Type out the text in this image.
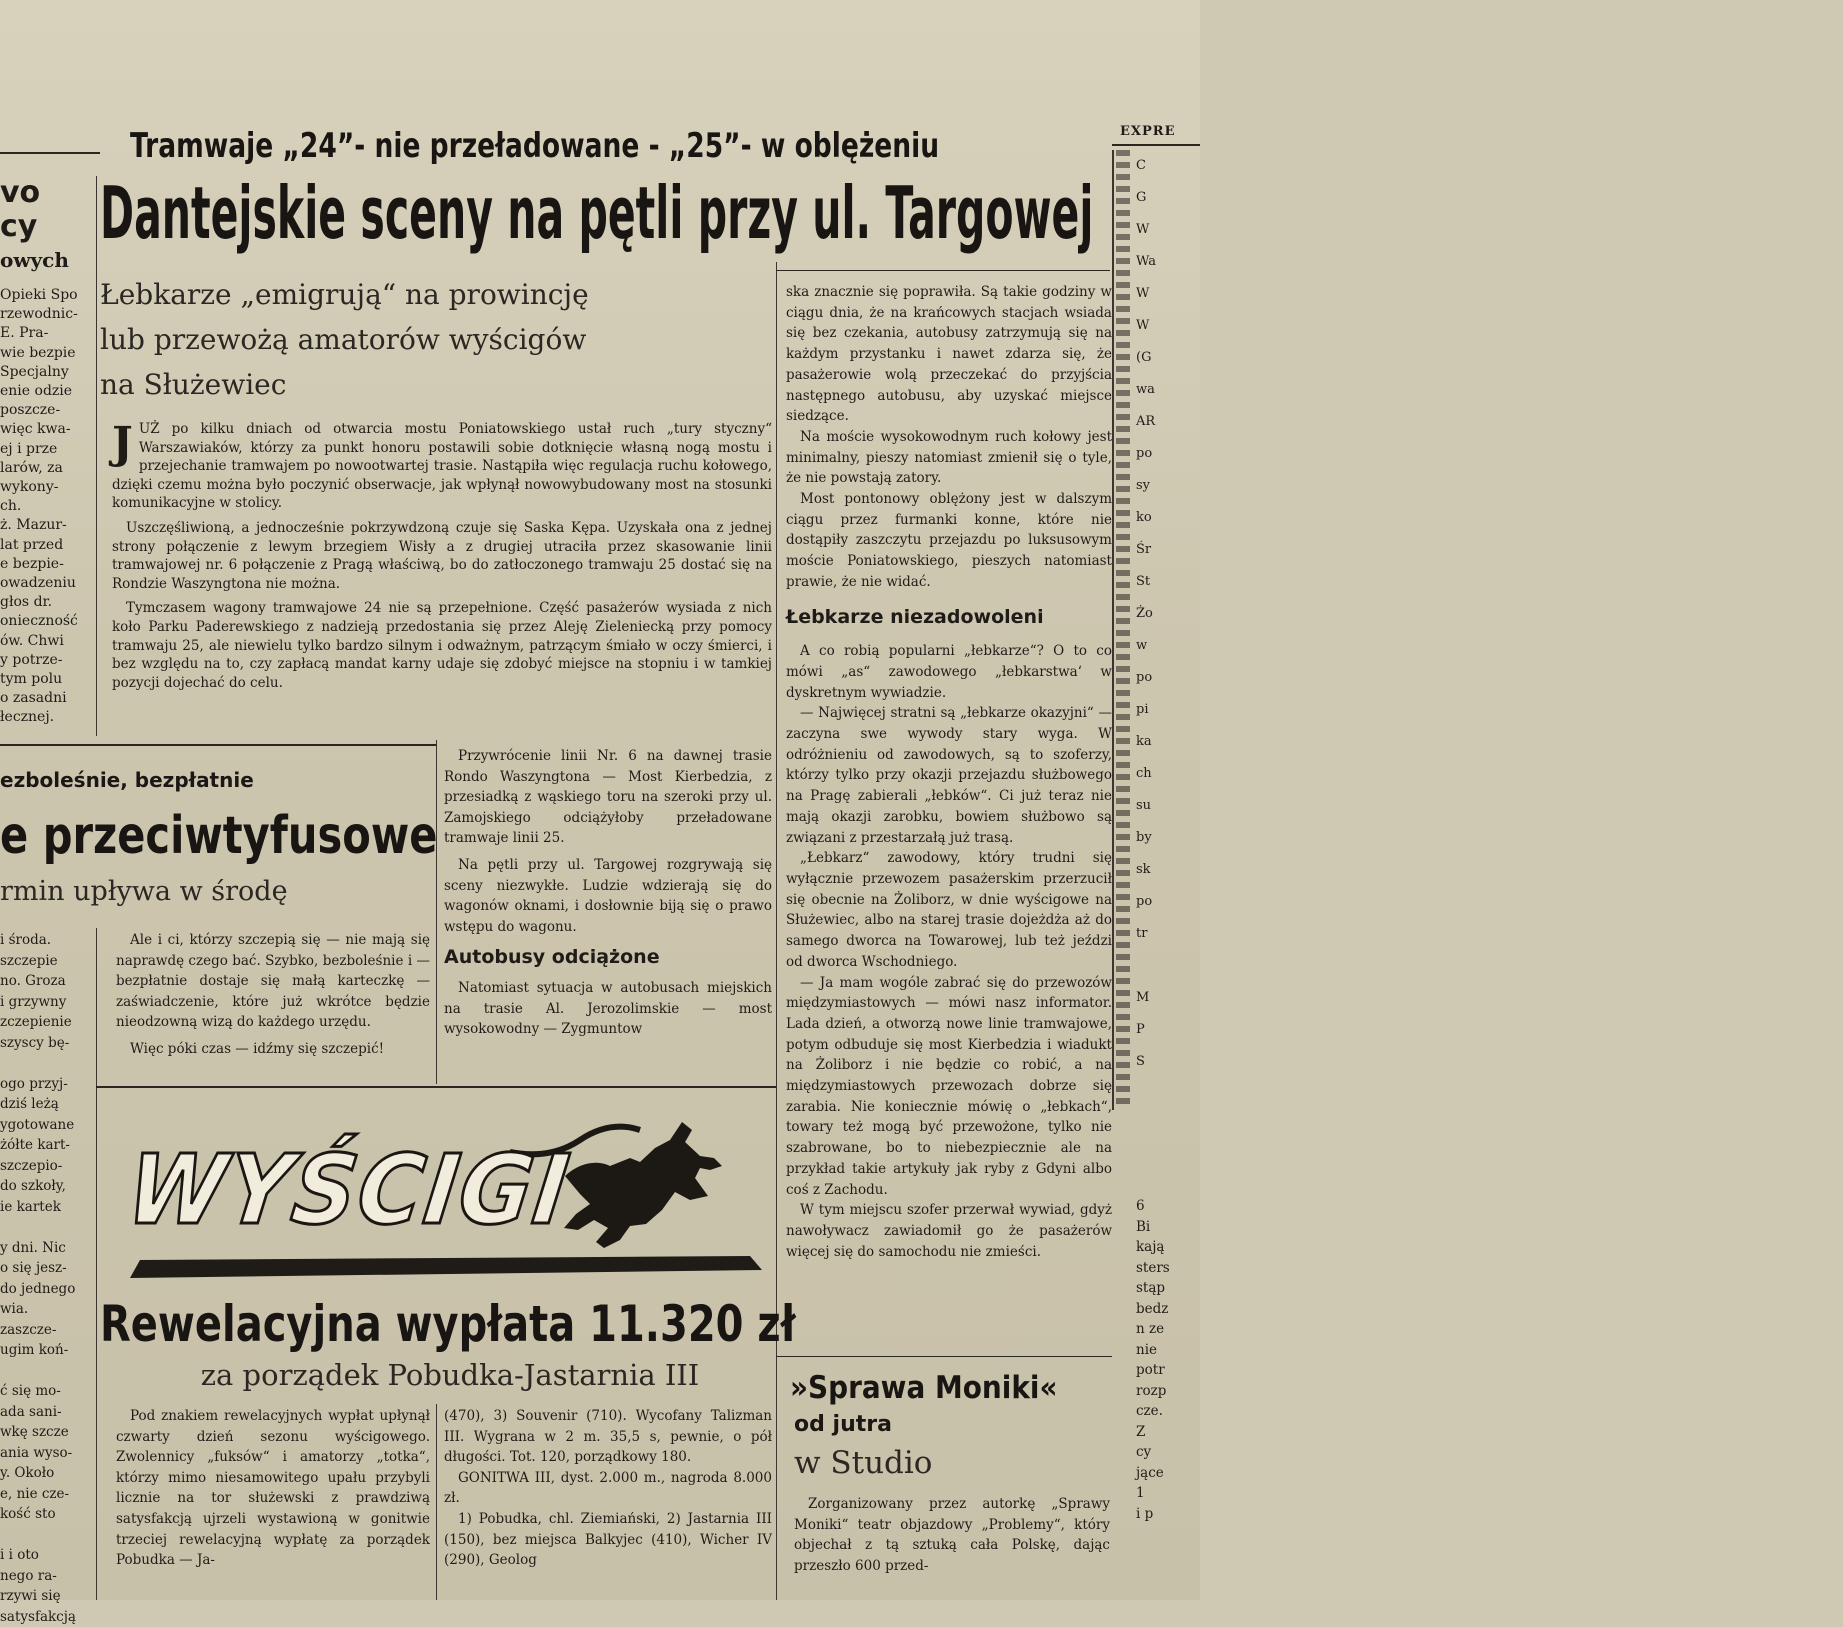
EXPRE
Tramwaje „24”- nie przeładowane - „25”- w oblężeniu
Dantejskie sceny na pętli przy ul. Targowej
vo
cy
owych
Opieki Spo
rzewodnic-
E. Pra-
wie bezpie
Specjalny
enie odzie
poszcze-
więc kwa-
ej i prze
larów, za
wykony-
ch.
ż. Mazur-
lat przed
e bezpie-
owadzeniu
głos dr.
onieczność
ów. Chwi
y potrze-
tym polu
o zasadni
łecznej.
Łebkarze „emigrują“ na prowincję
lub przewożą amatorów wyścigów
na Służewiec

JUŻ po kilku dniach od otwarcia mostu Poniatowskiego ustał ruch „tury styczny“ Warszawiaków, którzy za punkt honoru postawili sobie dotknięcie własną nogą mostu i przejechanie tramwajem po nowootwartej trasie. Nastąpiła więc regulacja ruchu kołowego, dzięki czemu można było poczynić obserwacje, jak wpłynął nowowybudowany most na stosunki komunikacyjne w stolicy.

Uszczęśliwioną, a jednocześnie pokrzywdzoną czuje się Saska Kępa. Uzyskała ona z jednej strony połączenie z lewym brzegiem Wisły a z drugiej utraciła przez skasowanie linii tramwajowej nr. 6 połączenie z Pragą właściwą, bo do zatłoczonego tramwaju 25 dostać się na Rondzie Waszyngtona nie można.

Tymczasem wagony tramwajowe 24 nie są przepełnione. Część pasażerów wysiada z nich koło Parku Paderewskiego z nadzieją przedostania się przez Aleję Zieleniecką przy pomocy tramwaju 25, ale niewielu tylko bardzo silnym i odważnym, patrzącym śmiało w oczy śmierci, i bez względu na to, czy zapłacą mandat karny udaje się zdobyć miejsce na stopniu i w tamkiej pozycji dojechać do celu.

ska znacznie się poprawiła. Są takie godziny w ciągu dnia, że na krańcowych stacjach wsiada się bez czekania, autobusy zatrzymują się na każdym przystanku i nawet zdarza się, że pasażerowie wolą przeczekać do przyjścia następnego autobusu, aby uzyskać miejsce siedzące.

Na moście wysokowodnym ruch kołowy jest minimalny, pieszy natomiast zmienił się o tyle, że nie powstają zatory.

Most pontonowy oblężony jest w dalszym ciągu przez furmanki konne, które nie dostąpiły zaszczytu przejazdu po luksusowym moście Poniatowskiego, pieszych natomiast prawie, że nie widać.

Łebkarze niezadowoleni

A co robią popularni „łebkarze“? O to co mówi „as“ zawodowego „łebkarstwa‘ w dyskretnym wywiadzie.

— Najwięcej stratni są „łebkarze okazyjni“ — zaczyna swe wywody stary wyga. W odróżnieniu od zawodowych, są to szoferzy, którzy tylko przy okazji przejazdu służbowego na Pragę zabierali „łebków“. Ci już teraz nie mają okazji zarobku, bowiem służbowo są związani z przestarzałą już trasą.

„Łebkarz“ zawodowy, który trudni się wyłącznie przewozem pasażerskim przerzucił się obecnie na Żoliborz, w dnie wyścigowe na Służewiec, albo na starej trasie dojeżdża aż do samego dworca na Towarowej, lub też jeździ od dworca Wschodniego.

— Ja mam wogóle zabrać się do przewozów międzymiastowych — mówi nasz informator. Lada dzień, a otworzą nowe linie tramwajowe, potym odbuduje się most Kierbedzia i wiadukt na Żoliborz i nie będzie co robić, a na międzymiastowych przewozach dobrze się zarabia. Nie koniecznie mówię o „łebkach“, towary też mogą być przewożone, tylko nie szabrowane, bo to niebezpiecznie ale na przykład takie artykuły jak ryby z Gdyni albo coś z Zachodu.

W tym miejscu szofer przerwał wywiad, gdyż nawoływacz zawiadomił go że pasażerów więcej się do samochodu nie zmieści.

Przywrócenie linii Nr. 6 na dawnej trasie Rondo Waszyngtona — Most Kierbedzia, z przesiadką z wąskiego toru na szeroki przy ul. Zamojskiego odciążyłoby przeładowane tramwaje linii 25.

Na pętli przy ul. Targowej rozgrywają się sceny niezwykłe. Ludzie wdzierają się do wagonów oknami, i dosłownie biją się o prawo wstępu do wagonu.

Autobusy odciążone

Natomiast sytuacja w autobusach miejskich na trasie Al. Jerozolimskie — most wysokowodny — Zygmuntow

ezboleśnie, bezpłatnie
e przeciwtyfusowe
rmin upływa w środę
i środa.
szczepie
no. Groza
i grzywny
zczepienie
szyscy bę-

ogo przyj-
dziś leżą
ygotowane
żółte kart-
szczepio-
do szkoły,
ie kartek

y dni. Nic
o się jesz-
do jednego
wia.
zaszcze-
ugim koń-

ć się mo-
ada sani-
wkę szcze
ania wyso-
y. Około
e, nie cze-
kość sto

i i oto
nego ra-
rzywi się
satysfakcją

Ale i ci, którzy szczepią się — nie mają się naprawdę czego bać. Szybko, bezboleśnie i — bezpłatnie dostaje się małą karteczkę — zaświadczenie, które już wkrótce będzie nieodzowną wizą do każdego urzędu.

Więc póki czas — idźmy się szczepić!

WYŚCIGI
Rewelacyjna wypłata 11.320 zł
za porządek Pobudka-Jastarnia III

Pod znakiem rewelacyjnych wypłat upłynął czwarty dzień sezonu wyścigowego. Zwolennicy „fuksów“ i amatorzy „totka“, którzy mimo niesamowitego upału przybyli licznie na tor służewski z prawdziwą satysfakcją ujrzeli wystawioną w gonitwie trzeciej rewelacyjną wypłatę za porządek Pobudka — Ja-

(470), 3) Souvenir (710). Wycofany Talizman III. Wygrana w 2 m. 35,5 s, pewnie, o pół długości. Tot. 120, porządkowy 180.

GONITWA III, dyst. 2.000 m., nagroda 8.000 zł.

1) Pobudka, chl. Ziemiański, 2) Jastarnia III (150), bez miejsca Balkyjec (410), Wicher IV (290), Geolog

»Sprawa Moniki«
od jutra
w Studio

Zorganizowany przez autorkę „Sprawy Moniki“ teatr objazdowy „Problemy“, który objechał z tą sztuką cała Polskę, dając przeszło 600 przed-

C
G
W
Wa
W
W
(G
wa
AR
po
sy
ko
Śr
St
Żo
w
po
pi
ka
ch
su
by
sk
po
tr

M
P
S
6
Bi
kają
sters
stąp
bedz
n ze
nie
potr
rozp
cze.
Z
cy
jące
1
i p
